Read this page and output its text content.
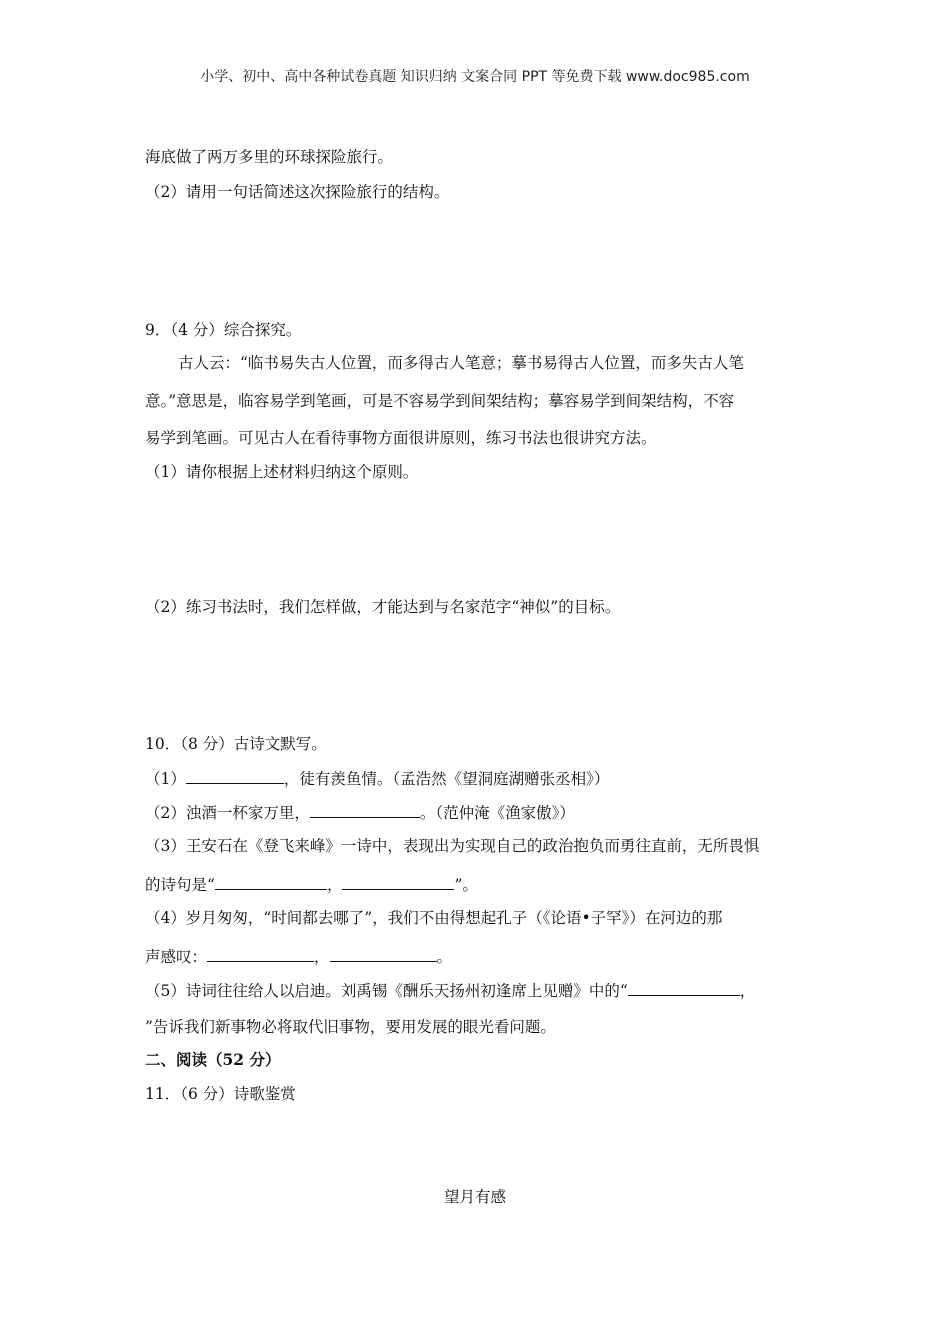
小学、初中、高中各种试卷真题 知识归纳 文案合同 PPT 等免费下载 www.doc985.com
海底做了两万多里的环球探险旅行。
（2）请用一句话简述这次探险旅行的结构。
9．（4 分）综合探究。
古人云：“临书易失古人位置，而多得古人笔意；摹书易得古人位置，而多失古人笔
意。”意思是，临容易学到笔画，可是不容易学到间架结构；摹容易学到间架结构，不容
易学到笔画。可见古人在看待事物方面很讲原则，练习书法也很讲究方法。
（1）请你根据上述材料归纳这个原则。
（2）练习书法时，我们怎样做，才能达到与名家范字“神似”的目标。
10．（8 分）古诗文默写。
（1）	，徒有羡鱼情。（孟浩然《望洞庭湖赠张丞相》）
（2）浊酒一杯家万里，	。（范仲淹《渔家傲》）
（3）王安石在《登飞来峰》一诗中，表现出为实现自己的政治抱负而勇往直前，无所畏惧
的诗句是“	，	”。
（4）岁月匆匆，“时间都去哪了”，我们不由得想起孔子（《论语•子罕》）在河边的那
声感叹：	，	。
（5）诗词往往给人以启迪。刘禹锡《酬乐天扬州初逢席上见赠》中的“	，
”告诉我们新事物必将取代旧事物，要用发展的眼光看问题。
二、阅读（52 分）
11．（6 分）诗歌鉴赏
望月有感
